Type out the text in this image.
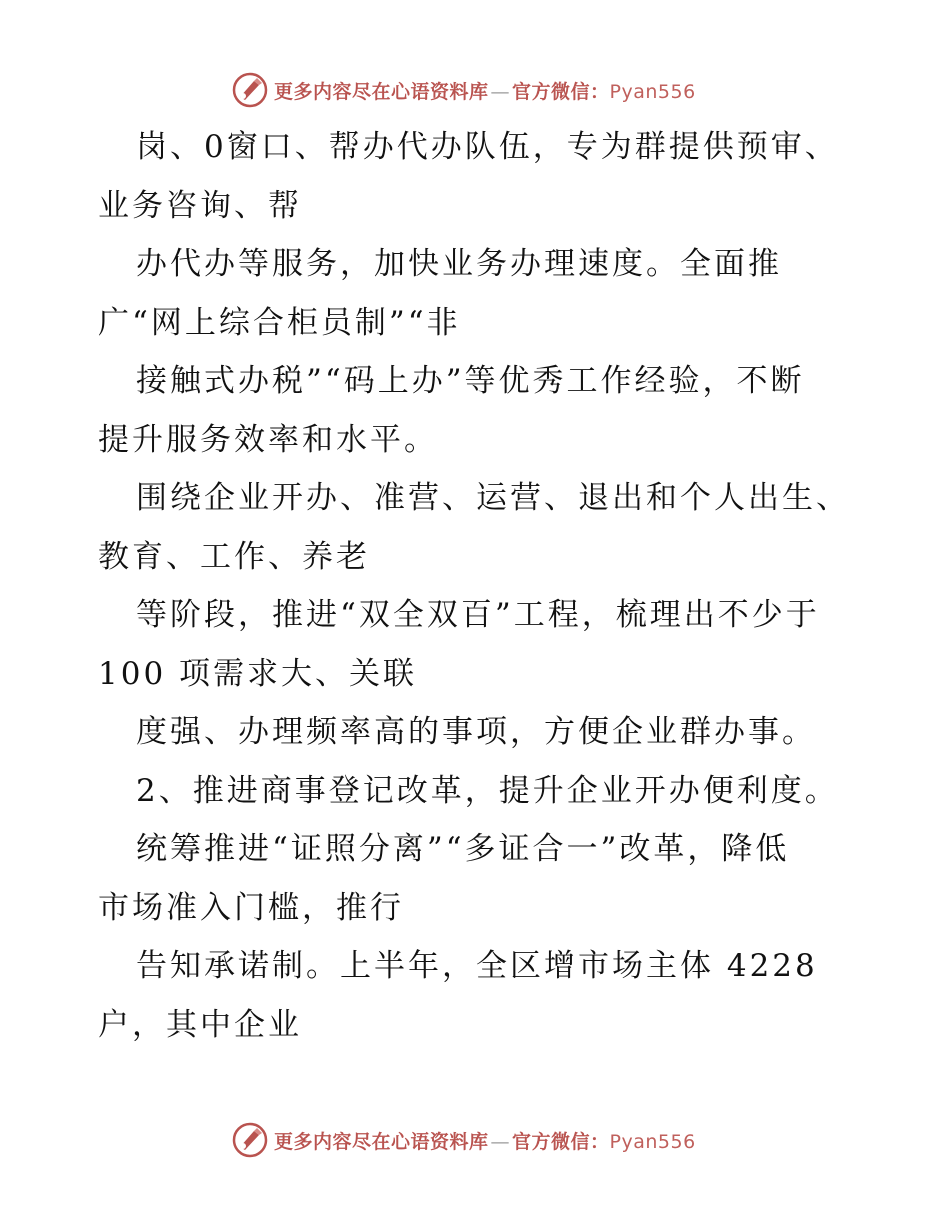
更多内容尽在心语资料库 — 官方微信：Pyan556
岗、0窗口、帮办代办队伍，专为群提供预审、
业务咨询、帮
办代办等服务，加快业务办理速度。全面推
广“网上综合柜员制”“非
接触式办税”“码上办”等优秀工作经验，不断
提升服务效率和水平。
围绕企业开办、准营、运营、退出和个人出生、
教育、工作、养老
等阶段，推进“双全双百”工程，梳理出不少于
100 项需求大、关联
度强、办理频率高的事项，方便企业群办事。
2、推进商事登记改革，提升企业开办便利度。
统筹推进“证照分离”“多证合一”改革，降低
市场准入门槛，推行
告知承诺制。上半年，全区增市场主体 4228
户，其中企业
更多内容尽在心语资料库 — 官方微信：Pyan556
